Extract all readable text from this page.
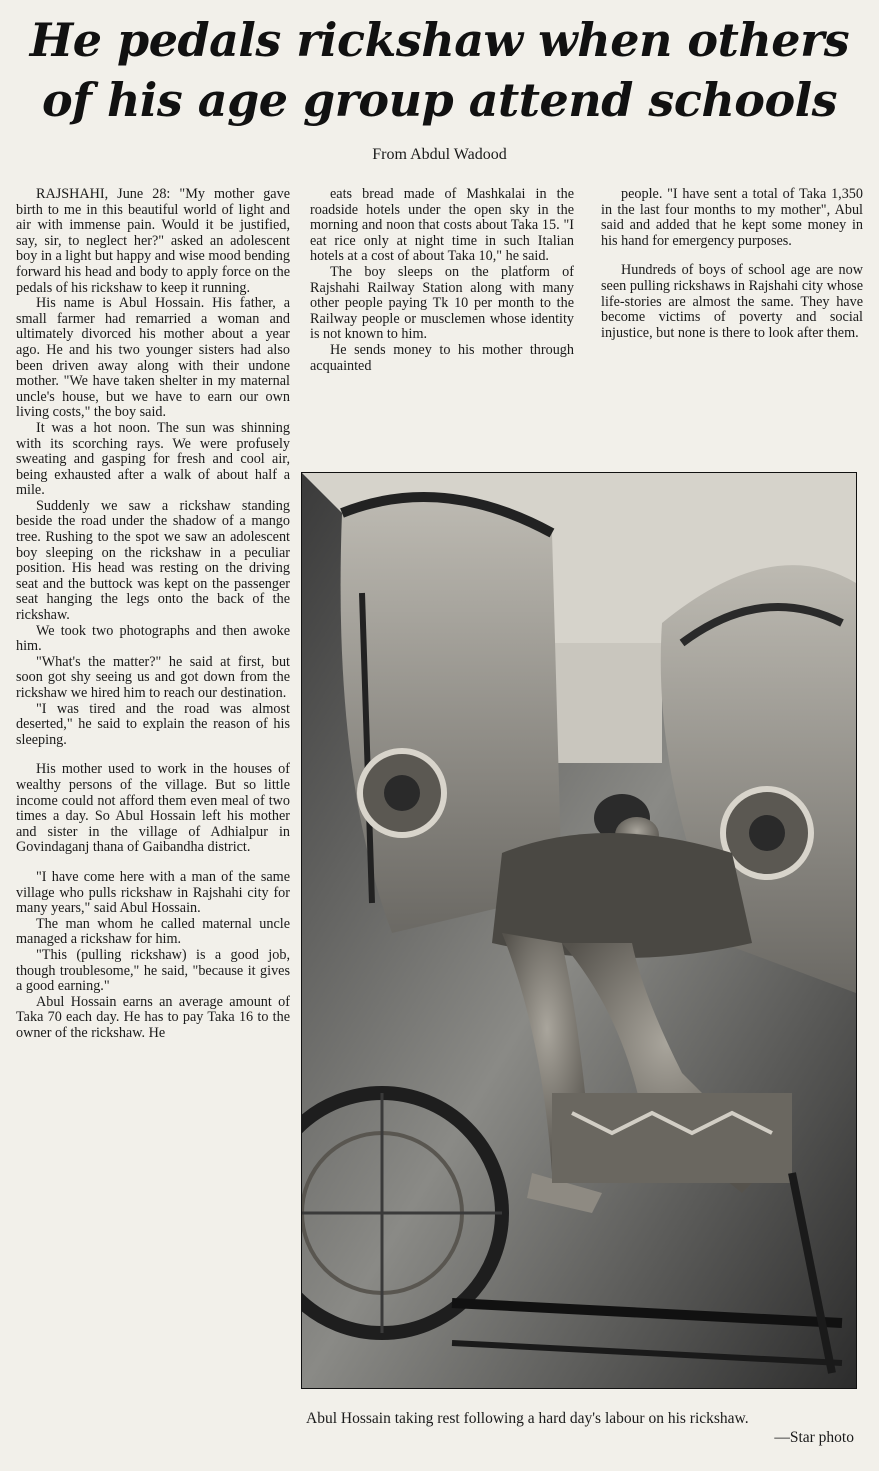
He pedals rickshaw when others
of his age group attend schools
From Abdul Wadood

RAJSHAHI, June 28: "My mother gave birth to me in this beautiful world of light and air with immense pain. Would it be justified, say, sir, to neglect her?" asked an adolescent boy in a light but happy and wise mood bending forward his head and body to apply force on the pedals of his rickshaw to keep it running.

His name is Abul Hossain. His father, a small farmer had remarried a woman and ultimately divorced his mother about a year ago. He and his two younger sisters had also been driven away along with their undone mother. "We have taken shelter in my maternal uncle's house, but we have to earn our own living costs," the boy said.

It was a hot noon. The sun was shinning with its scorching rays. We were profusely sweating and gasping for fresh and cool air, being exhausted after a walk of about half a mile.

Suddenly we saw a rickshaw standing beside the road under the shadow of a mango tree. Rushing to the spot we saw an adolescent boy sleeping on the rickshaw in a peculiar position. His head was resting on the driving seat and the buttock was kept on the passenger seat hanging the legs onto the back of the rickshaw.

We took two photographs and then awoke him.

"What's the matter?" he said at first, but soon got shy seeing us and got down from the rickshaw we hired him to reach our destination.

"I was tired and the road was almost deserted," he said to explain the reason of his sleeping.

His mother used to work in the houses of wealthy persons of the village. But so little income could not afford them even meal of two times a day. So Abul Hossain left his mother and sister in the village of Adhialpur in Govindaganj thana of Gaibandha district.

"I have come here with a man of the same village who pulls rickshaw in Rajshahi city for many years," said Abul Hossain.

The man whom he called maternal uncle managed a rickshaw for him.

"This (pulling rickshaw) is a good job, though troublesome," he said, "because it gives a good earning."

Abul Hossain earns an average amount of Taka 70 each day. He has to pay Taka 16 to the owner of the rickshaw. He

eats bread made of Mashkalai in the roadside hotels under the open sky in the morning and noon that costs about Taka 15. "I eat rice only at night time in such Italian hotels at a cost of about Taka 10," he said.

The boy sleeps on the platform of Rajshahi Railway Station along with many other people paying Tk 10 per month to the Railway people or musclemen whose identity is not known to him.

He sends money to his mother through acquainted

people. "I have sent a total of Taka 1,350 in the last four months to my mother", Abul said and added that he kept some money in his hand for emergency purposes.

Hundreds of boys of school age are now seen pulling rickshaws in Rajshahi city whose life-stories are almost the same. They have become victims of poverty and social injustice, but none is there to look after them.

Abul Hossain taking rest following a hard day's labour on his rickshaw.
—Star photo
